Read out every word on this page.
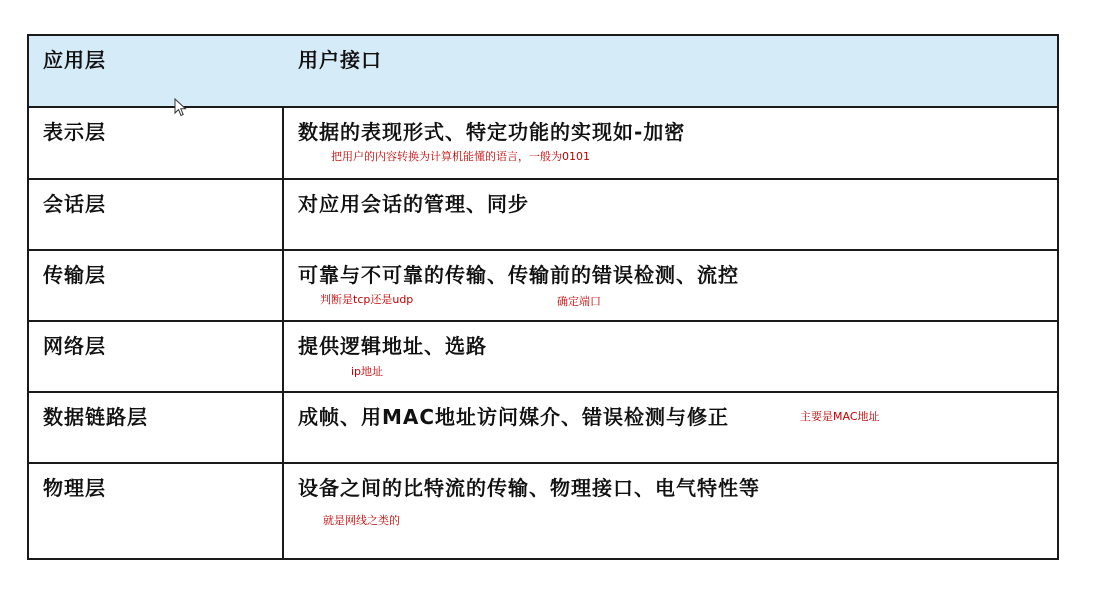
应用层	用户接口
表示层	数据的表现形式、特定功能的实现如-加密
把用户的内容转换为计算机能懂的语言，一般为0101
会话层	对应用会话的管理、同步
传输层	可靠与不可靠的传输、传输前的错误检测、流控
判断是tcp还是udp	确定端口
网络层	提供逻辑地址、选路
ip地址
数据链路层	成帧、用MAC地址访问媒介、错误检测与修正	主要是MAC地址
物理层	设备之间的比特流的传输、物理接口、电气特性等
就是网线之类的
